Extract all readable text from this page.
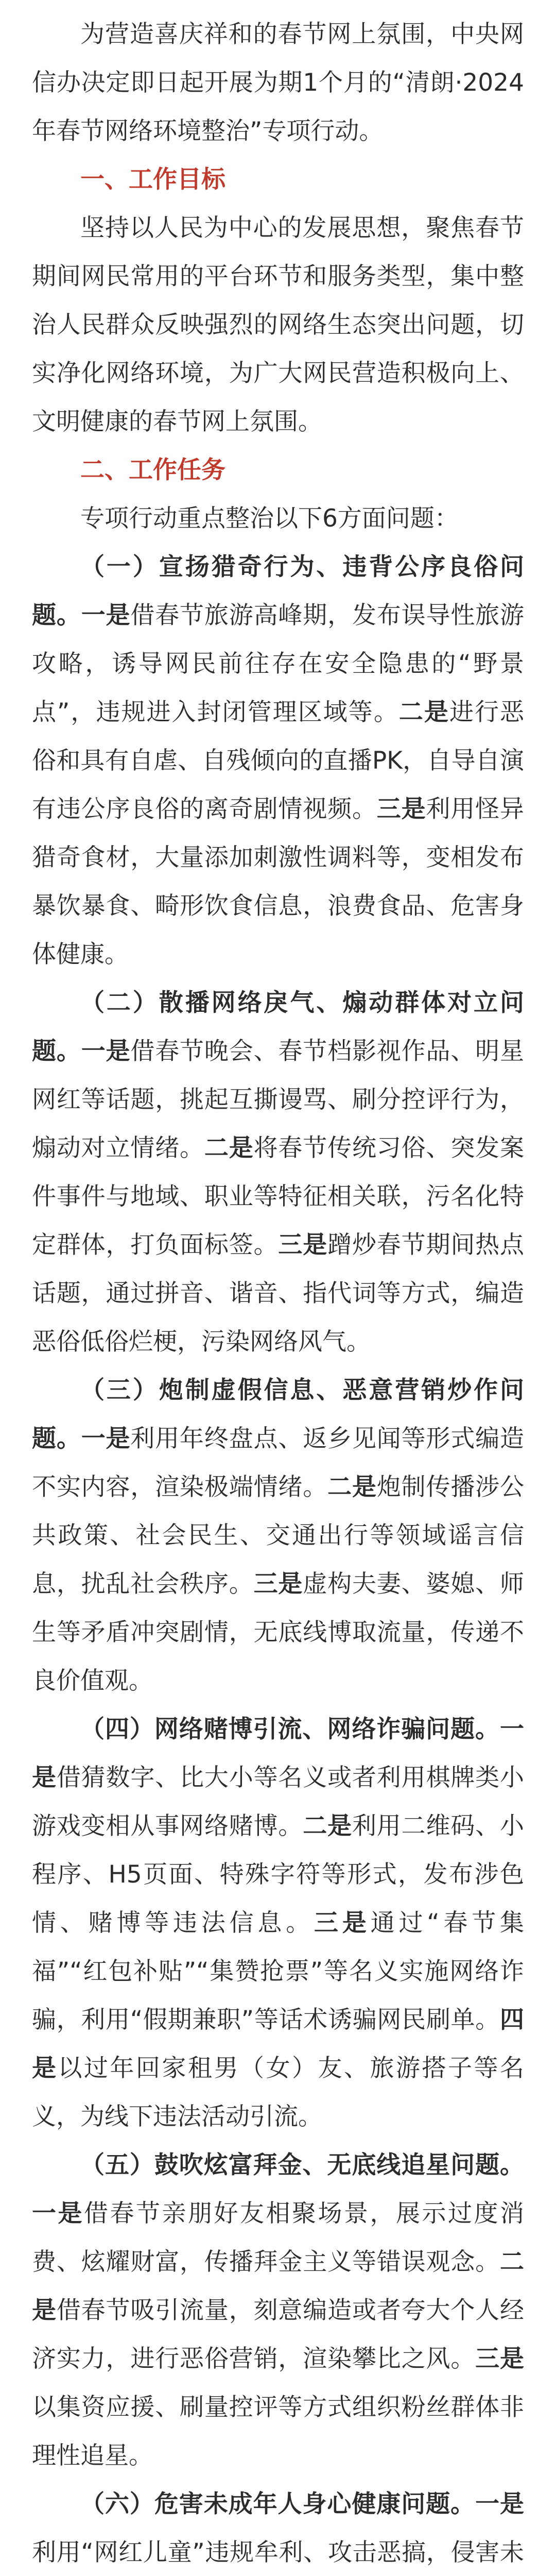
为营造喜庆祥和的春节网上氛围，中央网信办决定即日起开展为期1个月的“清朗·2024年春节网络环境整治”专项行动。

一、工作目标

坚持以人民为中心的发展思想，聚焦春节期间网民常用的平台环节和服务类型，集中整治人民群众反映强烈的网络生态突出问题，切实净化网络环境，为广大网民营造积极向上、文明健康的春节网上氛围。

二、工作任务

专项行动重点整治以下6方面问题：

（一）宣扬猎奇行为、违背公序良俗问题。一是借春节旅游高峰期，发布误导性旅游攻略，诱导网民前往存在安全隐患的“野景点”，违规进入封闭管理区域等。二是进行恶俗和具有自虐、自残倾向的直播PK，自导自演有违公序良俗的离奇剧情视频。三是利用怪异猎奇食材，大量添加刺激性调料等，变相发布暴饮暴食、畸形饮食信息，浪费食品、危害身体健康。

（二）散播网络戾气、煽动群体对立问题。一是借春节晚会、春节档影视作品、明星网红等话题，挑起互撕谩骂、刷分控评行为，煽动对立情绪。二是将春节传统习俗、突发案件事件与地域、职业等特征相关联，污名化特定群体，打负面标签。三是蹭炒春节期间热点话题，通过拼音、谐音、指代词等方式，编造恶俗低俗烂梗，污染网络风气。

（三）炮制虚假信息、恶意营销炒作问题。一是利用年终盘点、返乡见闻等形式编造不实内容，渲染极端情绪。二是炮制传播涉公共政策、社会民生、交通出行等领域谣言信息，扰乱社会秩序。三是虚构夫妻、婆媳、师生等矛盾冲突剧情，无底线博取流量，传递不良价值观。

（四）网络赌博引流、网络诈骗问题。一是借猜数字、比大小等名义或者利用棋牌类小游戏变相从事网络赌博。二是利用二维码、小程序、H5页面、特殊字符等形式，发布涉色情、赌博等违法信息。三是通过“春节集福”“红包补贴”“集赞抢票”等名义实施网络诈骗，利用“假期兼职”等话术诱骗网民刷单。四是以过年回家租男（女）友、旅游搭子等名义，为线下违法活动引流。

（五）鼓吹炫富拜金、无底线追星问题。一是借春节亲朋好友相聚场景，展示过度消费、炫耀财富，传播拜金主义等错误观念。二是借春节吸引流量，刻意编造或者夸大个人经济实力，进行恶俗营销，渲染攀比之风。三是以集资应援、刷量控评等方式组织粉丝群体非理性追星。

（六）危害未成年人身心健康问题。一是利用“网红儿童”违规牟利、攻击恶搞，侵害未
